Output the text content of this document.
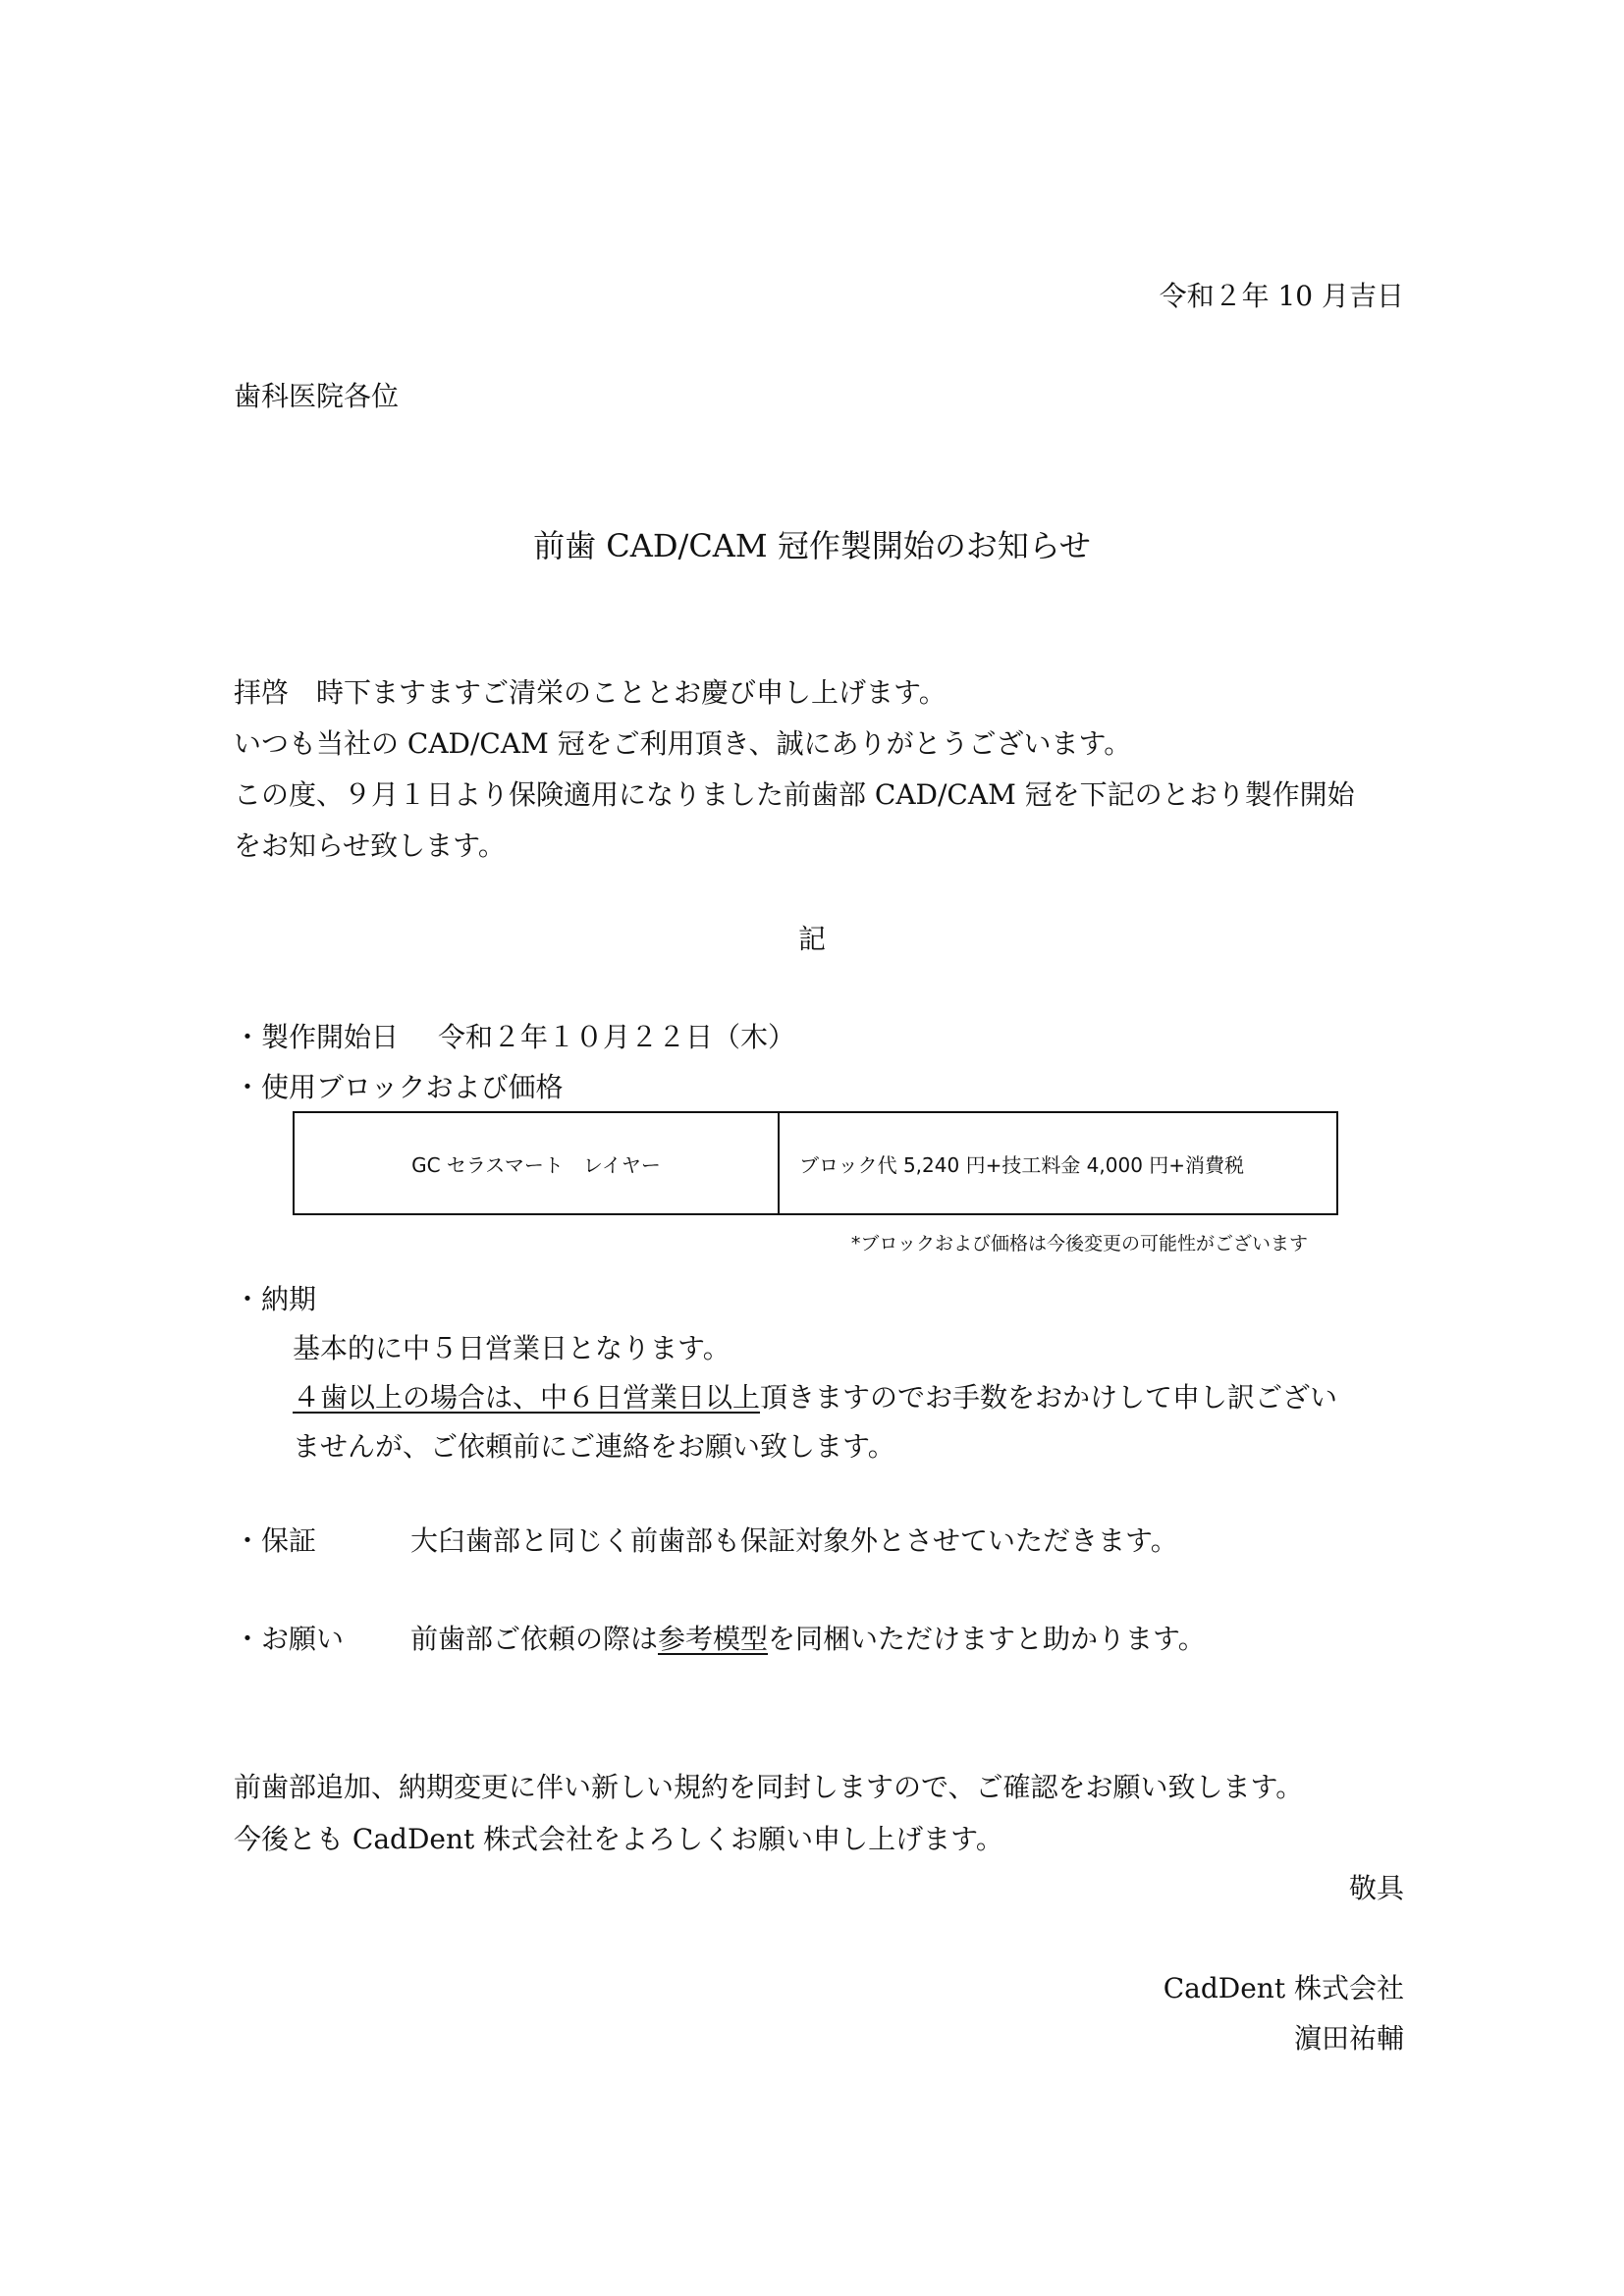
令和２年 10 月吉日
歯科医院各位
前歯 CAD/CAM 冠作製開始のお知らせ
拝啓　時下ますますご清栄のこととお慶び申し上げます。
いつも当社の CAD/CAM 冠をご利用頂き、誠にありがとうございます。
この度、９月１日より保険適用になりました前歯部 CAD/CAM 冠を下記のとおり製作開始
をお知らせ致します。
記
・製作開始日 令和２年１０月２２日（木）
・使用ブロックおよび価格
GC セラスマート　レイヤー	ブロック代 5,240 円+技工料金 4,000 円+消費税
*ブロックおよび価格は今後変更の可能性がございます
・納期
基本的に中５日営業日となります。
４歯以上の場合は、中６日営業日以上頂きますのでお手数をおかけして申し訳ござい
ませんが、ご依頼前にご連絡をお願い致します。
・保証	大臼歯部と同じく前歯部も保証対象外とさせていただきます。
・お願い 前歯部ご依頼の際は参考模型を同梱いただけますと助かります。
前歯部追加、納期変更に伴い新しい規約を同封しますので、ご確認をお願い致します。
今後とも CadDent 株式会社をよろしくお願い申し上げます。
敬具
CadDent 株式会社
濵田祐輔
